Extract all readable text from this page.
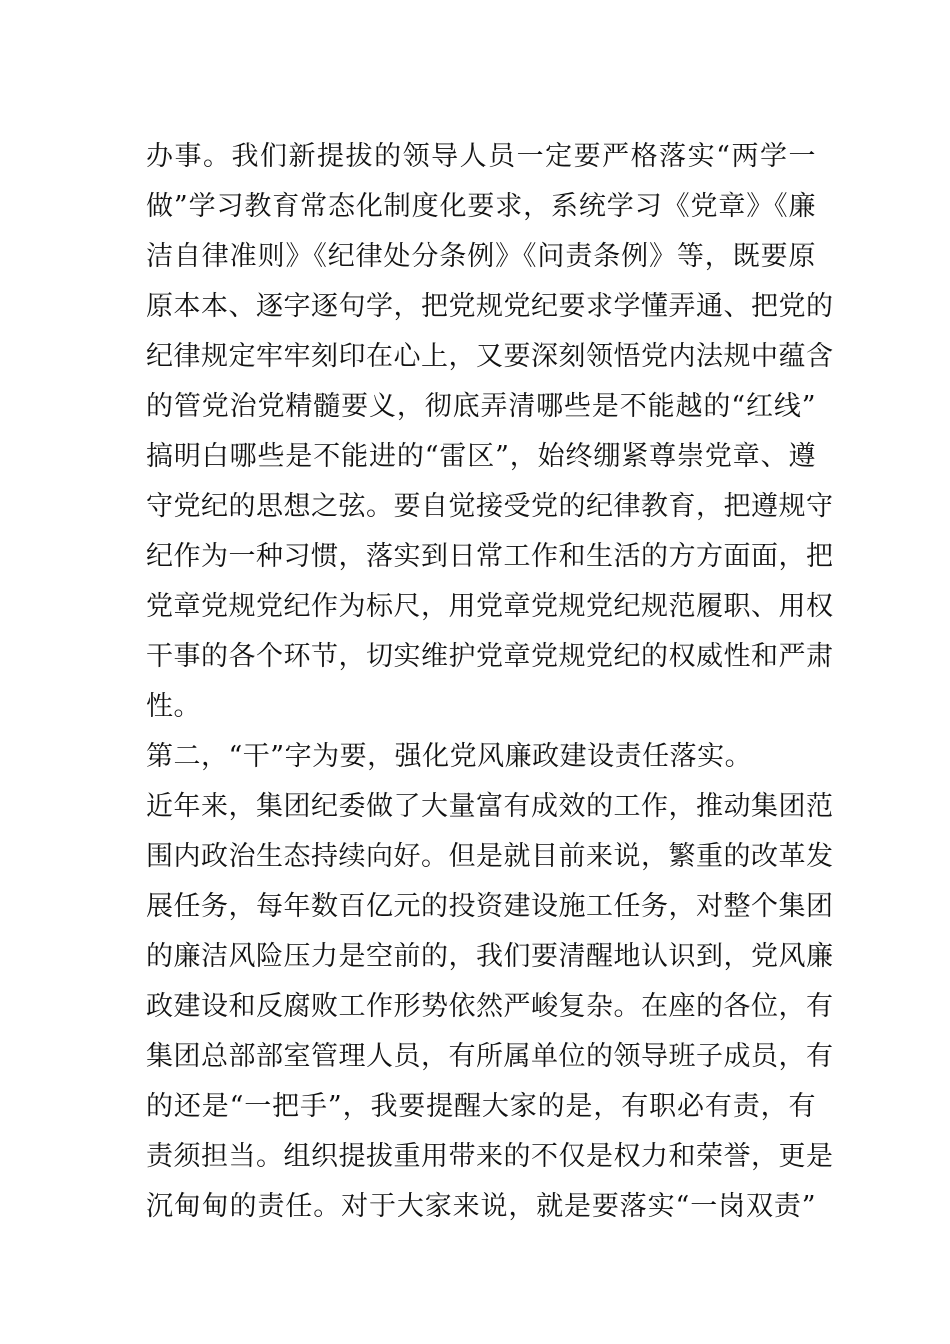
办事。我们新提拔的领导人员一定要严格落实“两学一
做”学习教育常态化制度化要求，系统学习《党章》《廉
洁自律准则》《纪律处分条例》《问责条例》等，既要原
原本本、逐字逐句学，把党规党纪要求学懂弄通、把党的
纪律规定牢牢刻印在心上，又要深刻领悟党内法规中蕴含
的管党治党精髓要义，彻底弄清哪些是不能越的“红线”
搞明白哪些是不能进的“雷区”，始终绷紧尊崇党章、遵
守党纪的思想之弦。要自觉接受党的纪律教育，把遵规守
纪作为一种习惯，落实到日常工作和生活的方方面面，把
党章党规党纪作为标尺，用党章党规党纪规范履职、用权
干事的各个环节，切实维护党章党规党纪的权威性和严肃
性。
第二，“干”字为要，强化党风廉政建设责任落实。
近年来，集团纪委做了大量富有成效的工作，推动集团范
围内政治生态持续向好。但是就目前来说，繁重的改革发
展任务，每年数百亿元的投资建设施工任务，对整个集团
的廉洁风险压力是空前的，我们要清醒地认识到，党风廉
政建设和反腐败工作形势依然严峻复杂。在座的各位，有
集团总部部室管理人员，有所属单位的领导班子成员，有
的还是“一把手”，我要提醒大家的是，有职必有责，有
责须担当。组织提拔重用带来的不仅是权力和荣誉，更是
沉甸甸的责任。对于大家来说，就是要落实“一岗双责”
